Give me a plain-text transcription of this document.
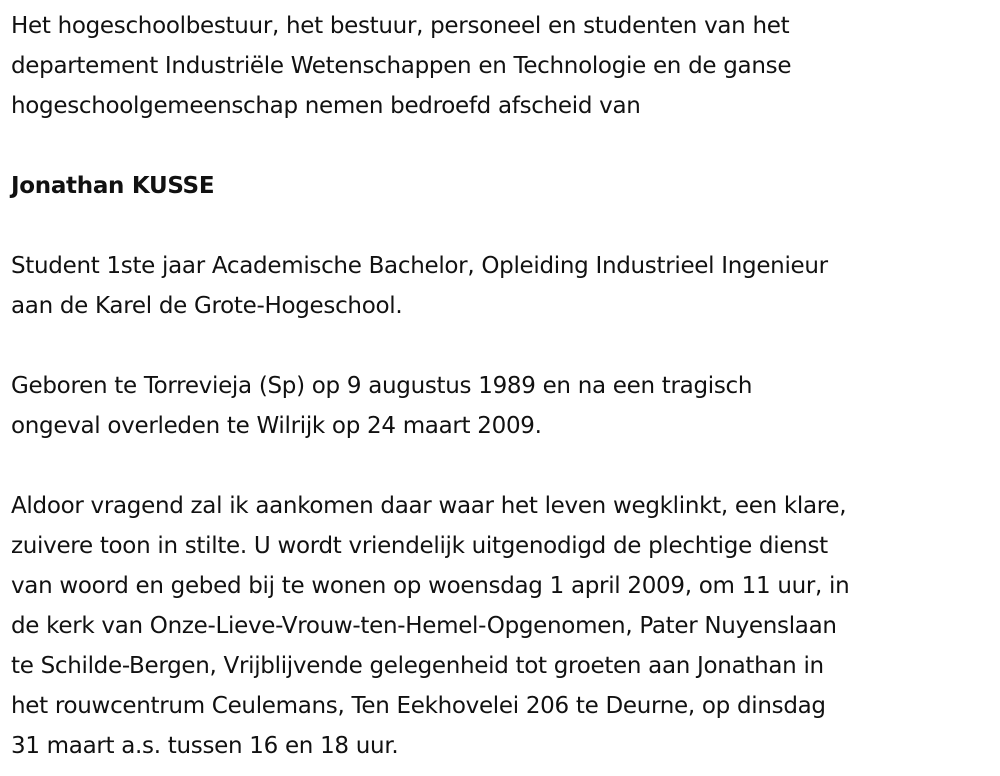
Het hogeschoolbestuur, het bestuur, personeel en studenten van het
departement Industriële Wetenschappen en Technologie en de ganse
hogeschoolgemeenschap nemen bedroefd afscheid van

Jonathan KUSSE

Student 1ste jaar Academische Bachelor, Opleiding Industrieel Ingenieur
aan de Karel de Grote-Hogeschool.

Geboren te Torrevieja (Sp) op 9 augustus 1989 en na een tragisch
ongeval overleden te Wilrijk op 24 maart 2009.

Aldoor vragend zal ik aankomen daar waar het leven wegklinkt, een klare,
zuivere toon in stilte. U wordt vriendelijk uitgenodigd de plechtige dienst
van woord en gebed bij te wonen op woensdag 1 april 2009, om 11 uur, in
de kerk van Onze-Lieve-Vrouw-ten-Hemel-Opgenomen, Pater Nuyenslaan
te Schilde-Bergen, Vrijblijvende gelegenheid tot groeten aan Jonathan in
het rouwcentrum Ceulemans, Ten Eekhovelei 206 te Deurne, op dinsdag
31 maart a.s. tussen 16 en 18 uur.
